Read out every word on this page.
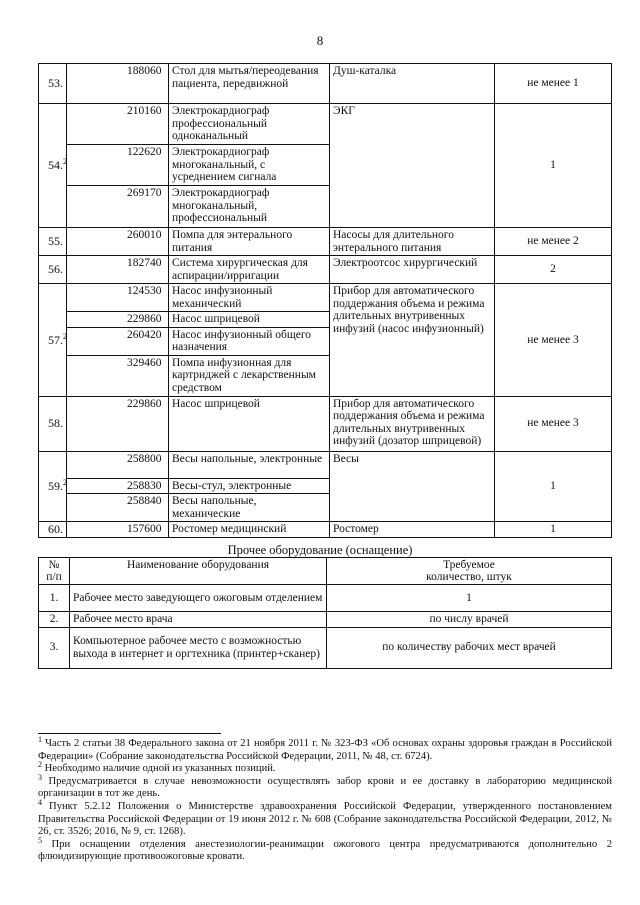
8
53.	188060	Стол для мытья/переодевания пациента, передвижной	Душ-каталка	не менее 1
54.$^2$	210160	Электрокардиограф профессиональный одноканальный	ЭКГ	1
	122620	Электрокардиограф многоканальный, с усреднением сигнала		
	269170	Электрокардиограф многоканальный, профессиональный		
55.	260010	Помпа для энтерального питания	Насосы для длительного энтерального питания	не менее 2
56.	182740	Система хирургическая для аспирации/ирригации	Электроотсос хирургический	2
57.$^2$	124530	Насос инфузионный механический	Прибор для автоматического поддержания объема и режима длительных внутривенных инфузий (насос инфузионный)	не менее 3
	229860	Насос шприцевой		
	260420	Насос инфузионный общего назначения		
	329460	Помпа инфузионная для картриджей с лекарственным средством		
58.	229860	Насос шприцевой	Прибор для автоматического поддержания объема и режима длительных внутривенных инфузий (дозатор шприцевой)	не менее 3
59.$^2$	258800	Весы напольные, электронные	Весы	1
	258830	Весы-стул, электронные		
	258840	Весы напольные, механические		
60.	157600	Ростомер медицинский	Ростомер	1
Прочее оборудование (оснащение)
№
п/п	Наименование оборудования	Требуемое
количество, штук
1.	Рабочее место заведующего ожоговым отделением	1
2.	Рабочее место врача	по числу врачей
3.	Компьютерное рабочее место с возможностью выхода в интернет и оргтехника (принтер+сканер)	по количеству рабочих мест врачей

$^1$ Часть 2 статьи 38 Федерального закона от 21 ноября 2011 г. № 323-ФЗ «Об основах охраны здоровья граждан в Российской Федерации» (Собрание законодательства Российской Федерации, 2011, № 48, ст. 6724).

$^2$ Необходимо наличие одной из указанных позиций.

$^3$ Предусматривается в случае невозможности осуществлять забор крови и ее доставку в лабораторию медицинской организации в тот же день.

$^4$ Пункт 5.2.12 Положения о Министерстве здравоохранения Российской Федерации, утвержденного постановлением Правительства Российской Федерации от 19 июня 2012 г. № 608 (Собрание законодательства Российской Федерации, 2012, № 26, ст. 3526; 2016, № 9, ст. 1268).

$^5$ При оснащении отделения анестезиологии-реанимации ожогового центра предусматриваются дополнительно 2 флюидизирующие противоожоговые кровати.
